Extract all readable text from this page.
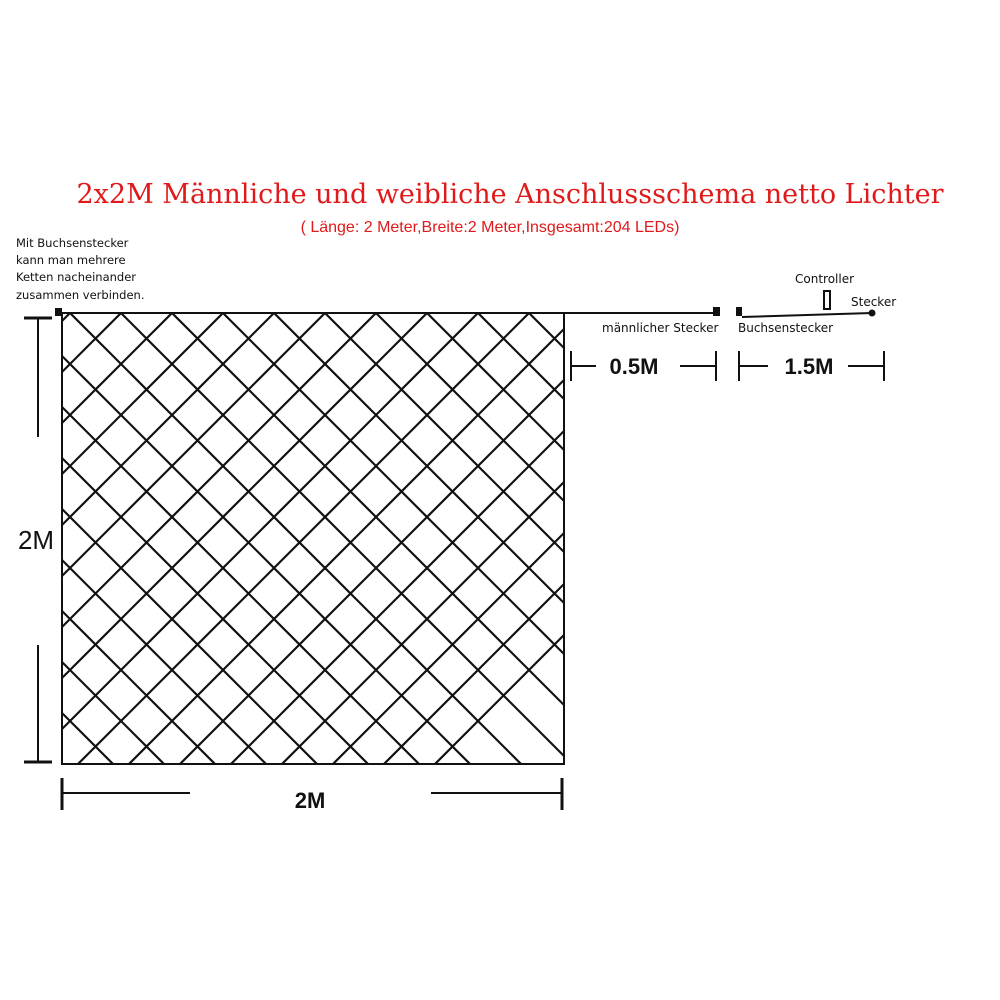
2x2M Männliche und weibliche Anschlussschema netto Lichter
( Länge: 2 Meter,Breite:2 Meter,Insgesamt:204 LEDs)
Mit Buchsenstecker
kann man mehrere
Ketten nacheinander
zusammen verbinden.
männlicher Stecker
Controller
Stecker
Buchsenstecker
0.5M	1.5M
2M
2M
